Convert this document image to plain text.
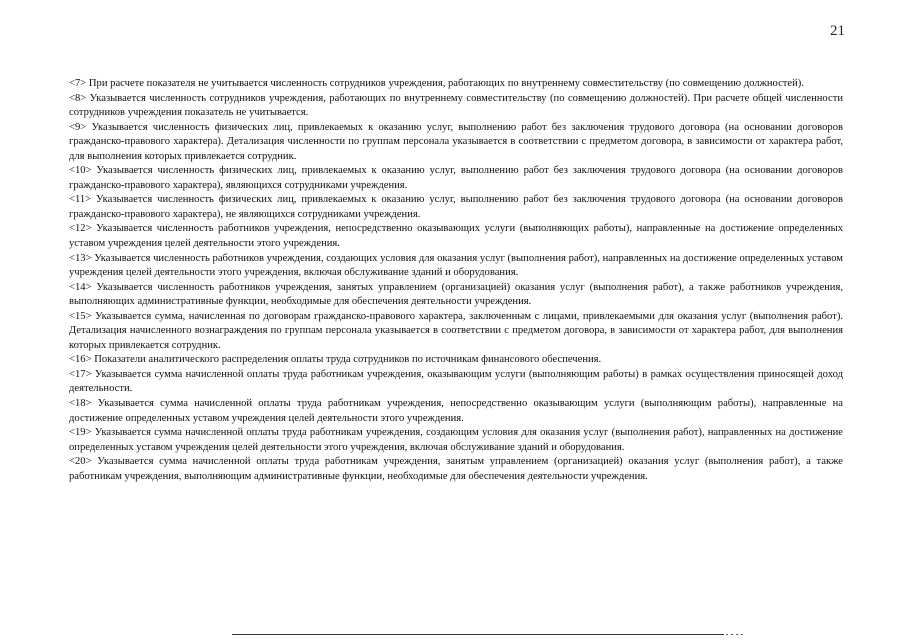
21

<7> При расчете показателя не учитывается численность сотрудников учреждения, работающих по внутреннему совместительству (по совмещению должностей).

<8> Указывается численность сотрудников учреждения, работающих по внутреннему совместительству (по совмещению должностей). При расчете общей численности сотрудников учреждения показатель не учитывается.

<9> Указывается численность физических лиц, привлекаемых к оказанию услуг, выполнению работ без заключения трудового договора (на основании договоров гражданско-правового характера). Детализация численности по группам персонала указывается в соответствии с предметом договора, в зависимости от характера работ, для выполнения которых привлекается сотрудник.

<10> Указывается численность физических лиц, привлекаемых к оказанию услуг, выполнению работ без заключения трудового договора (на основании договоров гражданско-правового характера), являющихся сотрудниками учреждения.

<11> Указывается численность физических лиц, привлекаемых к оказанию услуг, выполнению работ без заключения трудового договора (на основании договоров гражданско-правового характера), не являющихся сотрудниками учреждения.

<12> Указывается численность работников учреждения, непосредственно оказывающих услуги (выполняющих работы), направленные на достижение определенных уставом учреждения целей деятельности этого учреждения.

<13> Указывается численность работников учреждения, создающих условия для оказания услуг (выполнения работ), направленных на достижение определенных уставом учреждения целей деятельности этого учреждения, включая обслуживание зданий и оборудования.

<14> Указывается численность работников учреждения, занятых управлением (организацией) оказания услуг (выполнения работ), а также работников учреждения, выполняющих административные функции, необходимые для обеспечения деятельности учреждения.

<15> Указывается сумма, начисленная по договорам гражданско-правового характера, заключенным с лицами, привлекаемыми для оказания услуг (выполнения работ). Детализация начисленного вознаграждения по группам персонала указывается в соответствии с предметом договора, в зависимости от характера работ, для выполнения которых привлекается сотрудник.

<16> Показатели аналитического распределения оплаты труда сотрудников по источникам финансового обеспечения.

<17> Указывается сумма начисленной оплаты труда работникам учреждения, оказывающим услуги (выполняющим работы) в рамках осуществления приносящей доход деятельности.

<18> Указывается сумма начисленной оплаты труда работникам учреждения, непосредственно оказывающим услуги (выполняющим работы), направленные на достижение определенных уставом учреждения целей деятельности этого учреждения.

<19> Указывается сумма начисленной оплаты труда работникам учреждения, создающим условия для оказания услуг (выполнения работ), направленных на достижение определенных уставом учреждения целей деятельности этого учреждения, включая обслуживание зданий и оборудования.

<20> Указывается сумма начисленной оплаты труда работникам учреждения, занятым управлением (организацией) оказания услуг (выполнения работ), а также работникам учреждения, выполняющим административные функции, необходимые для обеспечения деятельности учреждения.
